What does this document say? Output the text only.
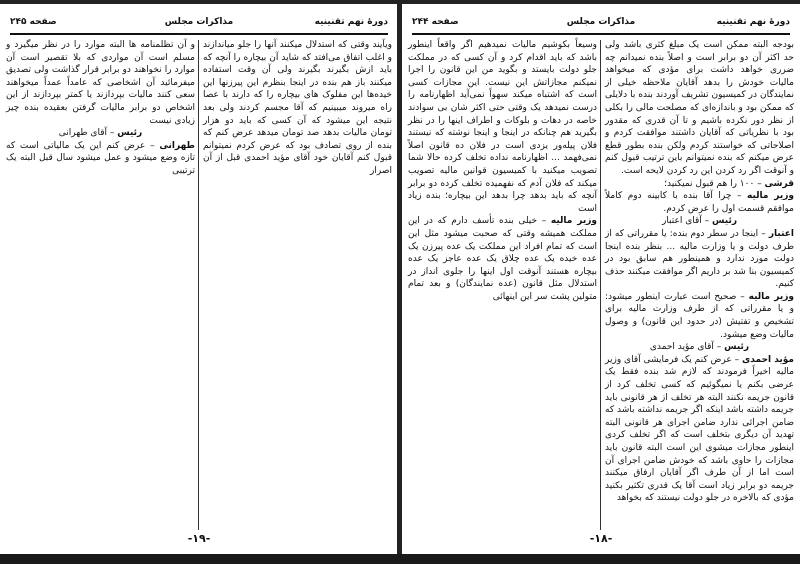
دورهٔ نهم تقنینیه
مذاکرات مجلس
صفحه ۲۴۵
-۱۹-

ویآیند وقتی که استدلال میکنند آنها را جلو میاندازند و اغلب اتفاق می‌افتد که شاید آن بیچاره را آنچه که باید ازش بگیرند بگیرند ولی آن وقت استفاده میکنند باز هم بنده در اینجا بنظرم این پیرزنها این خیده‌ها این مفلوک های بیچاره را که دارند با عصا راه میروند میبینیم که آقا مجسم کردند ولی بعد نتیجه این میشود که آن کسی که باید دو هزار تومان مالیات بدهد صد تومان میدهد عرض کنم که بنده از روی تصادف بود که عرض کردم نمیتوانم قبول کنم آقایان خود آقای مؤید احمدی قبل از آن اصرار

و آن تظلمنامه ها البته موارد را در نظر میگیرد و مسلم است آن مواردی که بلا تقصیر است آن موارد را نخواهند دو برابر قرار گذاشت ولی تصدیق میفرمائید آن اشخاصی که عامداً عمداً میخواهند سعی کنند مالیات بپردازند یا کمتر بپردازند از این اشخاص دو برابر مالیات گرفتن بعقیده بنده چیز زیادی نیست

رئیس – آقای طهرانی

طهرانی – عرض کنم این یک مالیاتی است که تازه وضع میشود و عمل میشود سال قبل البته یک ترتیبی

دورهٔ نهم تقنینیه
مذاکرات مجلس
صفحه ۲۴۴
-۱۸-

بودجه البته ممکن است یک مبلغ کثری باشد ولی حد اکثر آن دو برابر است و اصلاً بنده نمیدانم چه ضرری خواهد داشت برای مؤدی که میخواهد مالیات خودش را بدهد آقایان ملاحظه خیلی از نمایندگان در کمیسیون تشریف آوردند بنده با دلایلی که ممکن بود و باندازه‌ای که مصلحت مالی را بکلی از نظر دور نکرده باشیم و تا آن قدری که مقدور بود با نظریاتی که آقایان داشتند موافقت کردم و اصلاحاتی که خواستند کردم ولکن بنده بطور قطع عرض میکنم که بنده نمیتوانم باین ترتیب قبول کنم و آنوقت اگر رد کردن این رد کردن لایحه است.

قرشی – ۱۰۰ را هم قبول نمیکنید؛

وزیر مالیه – چرا آقا بنده با کابینه دوم کاملاً موافقم قسمت اول را عرض کردم.

رئیس – آقای اعتبار

اعتبار – اینجا در سطر دوم بنده: یا مقرراتی که از طرف دولت و یا وزارت مالیه ... بنظر بنده اینجا دولت مورد ندارد و همینطور هم سابق بود در کمیسیون بنا شد بر داریم اگر موافقت میکنند حذف کنیم.

وزیر مالیه – صحیح است عبارت اینطور میشود: و یا مقرراتی که از طرف وزارت مالیه برای تشخیص و تفتیش (در حدود این قانون) و وصول مالیات وضع میشود.

رئیس – آقای مؤید احمدی

مؤید احمدی – عرض کنم یک فرمایشی آقای وزیر مالیه اخیراً فرمودند که لازم شد بنده فقط یک عرضی بکنم یا نمیگوئیم که کسی تخلف کرد از قانون جریمه نکنند البته هر تخلف از هر قانونی باید جریمه داشته باشد اینکه اگر جریمه نداشته باشد که ضامن اجرائی ندارد ضامن اجرای هر قانونی البته تهدید آن دیگری بتخلف است که اگر تخلف کردی اینطور مجازات میشوی این است البته قانون باید مجازات را حاوی باشد که خودش ضامن اجرای آن است اما از آن طرف اگر آقایان ارفاق میکنند جریمه دو برابر زیاد است آقا یک قدری تکثیر بکنید مؤدی که بالاخره در جلو دولت نیستند که بخواهد

وسیعاً بکوشیم مالیات نمیدهیم اگر واقعاً اینطور باشد که باید اقدام کرد و آن کسی که در مملکت جلو دولت بایستد و بگوید من این قانون را اجرا نمیکنم مجازاتش این نیست. این مجازات کسی است که اشتباه میکند سهواً نمی‌آید اظهارنامه را درست نمیدهد یک وقتی حتی اکثر شان بی سوادند خاصه در دهات و بلوکات و اطراف اینها را در نظر بگیرید هم چنانکه در اینجا و اینجا نوشته که نیستند فلان پیله‌ور یزدی است در فلان ده قانون اصلاً نمی‌فهمد ... اظهارنامه نداده تخلف کرده حالا شما تصویب میکنید با کمیسیون قوانین مالیه تصویب میکند که فلان آدم که نفهمیده تخلف کرده دو برابر آنچه که باید بدهد چرا بدهد این بیچاره؛ بنده زیاد است

وزیر مالیه – خیلی بنده تأسف دارم که در این مملکت همیشه وقتی که صحبت میشود مثل این است که تمام افراد این مملکت یک عده پیرزن یک عده خیده یک عده چلاق یک عده عاجز یک عده بیچاره هستند آنوقت اول اینها را جلوی انداز در استدلال مثل قانون (عده نمایندگان) و بعد تمام متولین پشت سر این اینهائی
